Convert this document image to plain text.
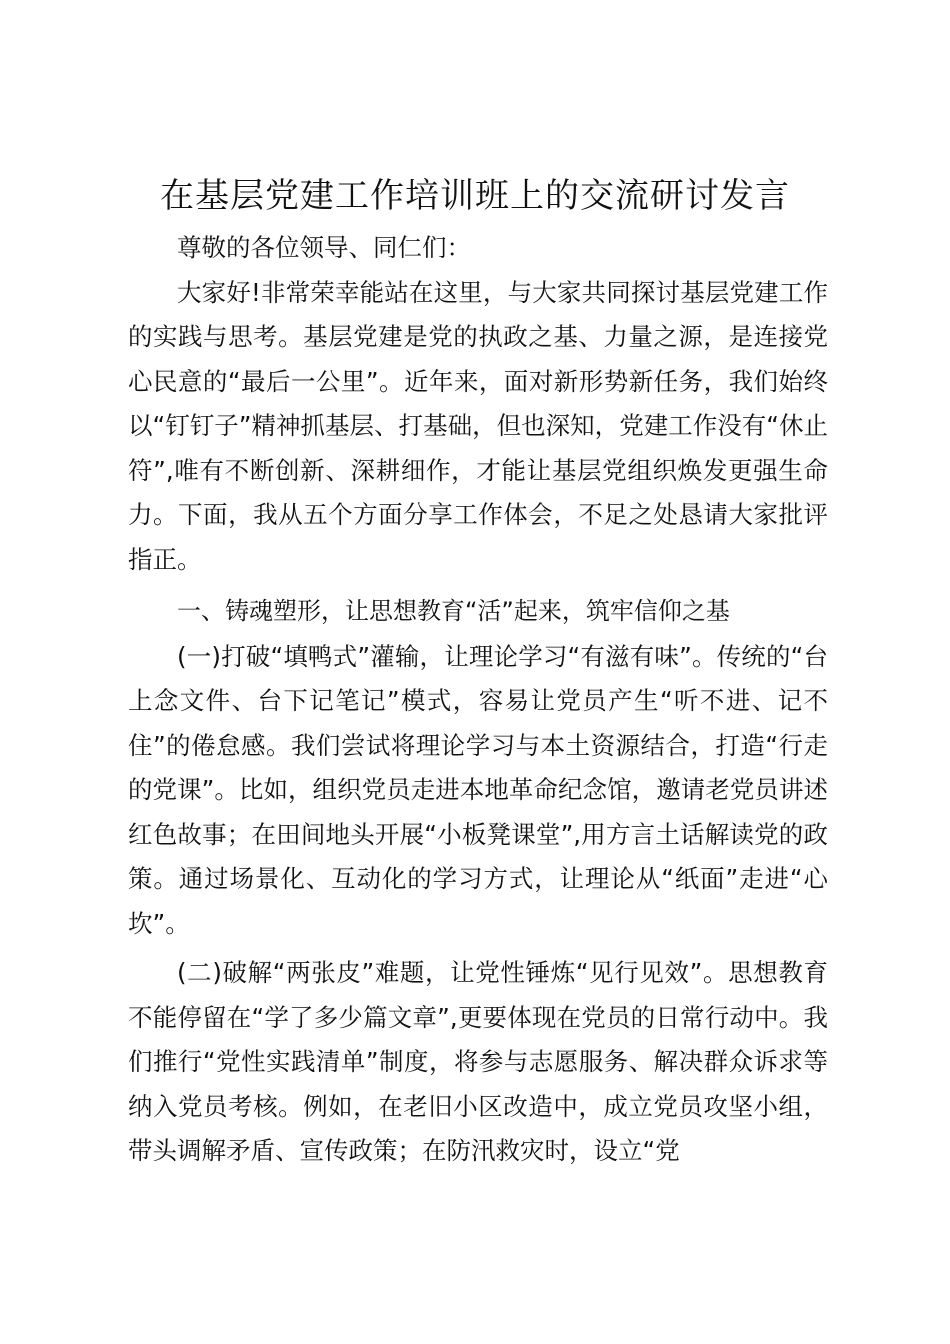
在基层党建工作培训班上的交流研讨发言

尊敬的各位领导、同仁们：

大家好!非常荣幸能站在这里，与大家共同探讨基层党建工作的实践与思考。基层党建是党的执政之基、力量之源，是连接党心民意的“最后一公里”。近年来，面对新形势新任务，我们始终以“钉钉子”精神抓基层、打基础，但也深知，党建工作没有“休止符”,唯有不断创新、深耕细作，才能让基层党组织焕发更强生命力。下面，我从五个方面分享工作体会，不足之处恳请大家批评指正。

一、铸魂塑形，让思想教育“活”起来，筑牢信仰之基

(一)打破“填鸭式”灌输，让理论学习“有滋有味”。传统的“台上念文件、台下记笔记”模式，容易让党员产生“听不进、记不住”的倦怠感。我们尝试将理论学习与本土资源结合，打造“行走的党课”。比如，组织党员走进本地革命纪念馆，邀请老党员讲述红色故事；在田间地头开展“小板凳课堂”,用方言土话解读党的政策。通过场景化、互动化的学习方式，让理论从“纸面”走进“心坎”。

(二)破解“两张皮”难题，让党性锤炼“见行见效”。思想教育不能停留在“学了多少篇文章”,更要体现在党员的日常行动中。我们推行“党性实践清单”制度，将参与志愿服务、解决群众诉求等纳入党员考核。例如，在老旧小区改造中，成立党员攻坚小组，带头调解矛盾、宣传政策；在防汛救灾时，设立“党
